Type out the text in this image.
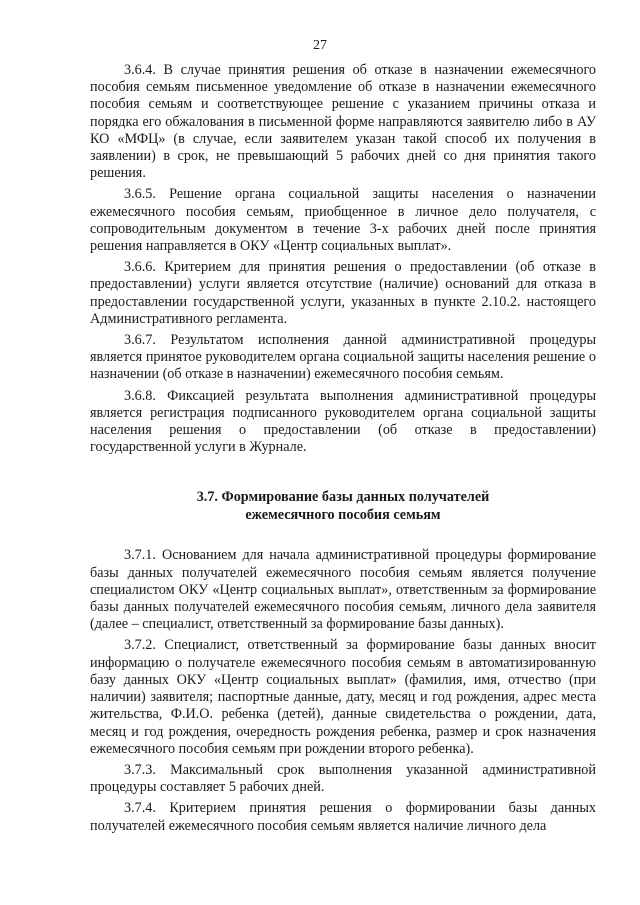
27

3.6.4. В случае принятия решения об отказе в назначении ежемесячного пособия семьям письменное уведомление об отказе в назначении ежемесячного пособия семьям и соответствующее решение с указанием причины отказа и порядка его обжалования в письменной форме направляются заявителю либо в АУ КО «МФЦ» (в случае, если заявителем указан такой способ их получения в заявлении) в срок, не превышающий 5 рабочих дней со дня принятия такого решения.

3.6.5. Решение органа социальной защиты населения о назначении ежемесячного пособия семьям, приобщенное в личное дело получателя, с сопроводительным документом в течение 3-х рабочих дней после принятия решения направляется в ОКУ «Центр социальных выплат».

3.6.6. Критерием для принятия решения о предоставлении (об отказе в предоставлении) услуги является отсутствие (наличие) оснований для отказа в предоставлении государственной услуги, указанных в пункте 2.10.2. настоящего Административного регламента.

3.6.7. Результатом исполнения данной административной процедуры является принятое руководителем органа социальной защиты населения решение о назначении (об отказе в назначении) ежемесячного пособия семьям.

3.6.8. Фиксацией результата выполнения административной процедуры является регистрация подписанного руководителем органа социальной защиты населения решения о предоставлении (об отказе в предоставлении) государственной услуги в Журнале.

3.7. Формирование базы данных получателей
ежемесячного пособия семьям

3.7.1. Основанием для начала административной процедуры формирование базы данных получателей ежемесячного пособия семьям является получение специалистом ОКУ «Центр социальных выплат», ответственным за формирование базы данных получателей ежемесячного пособия семьям, личного дела заявителя (далее – специалист, ответственный за формирование базы данных).

3.7.2. Специалист, ответственный за формирование базы данных вносит информацию о получателе ежемесячного пособия семьям в автоматизированную базу данных ОКУ «Центр социальных выплат» (фамилия, имя, отчество (при наличии) заявителя; паспортные данные, дату, месяц и год рождения, адрес места жительства, Ф.И.О. ребенка (детей), данные свидетельства о рождении, дата, месяц и год рождения, очередность рождения ребенка, размер и срок назначения ежемесячного пособия семьям при рождении второго ребенка).

3.7.3. Максимальный срок выполнения указанной административной процедуры составляет 5 рабочих дней.

3.7.4. Критерием принятия решения о формировании базы данных получателей ежемесячного пособия семьям является наличие личного дела
